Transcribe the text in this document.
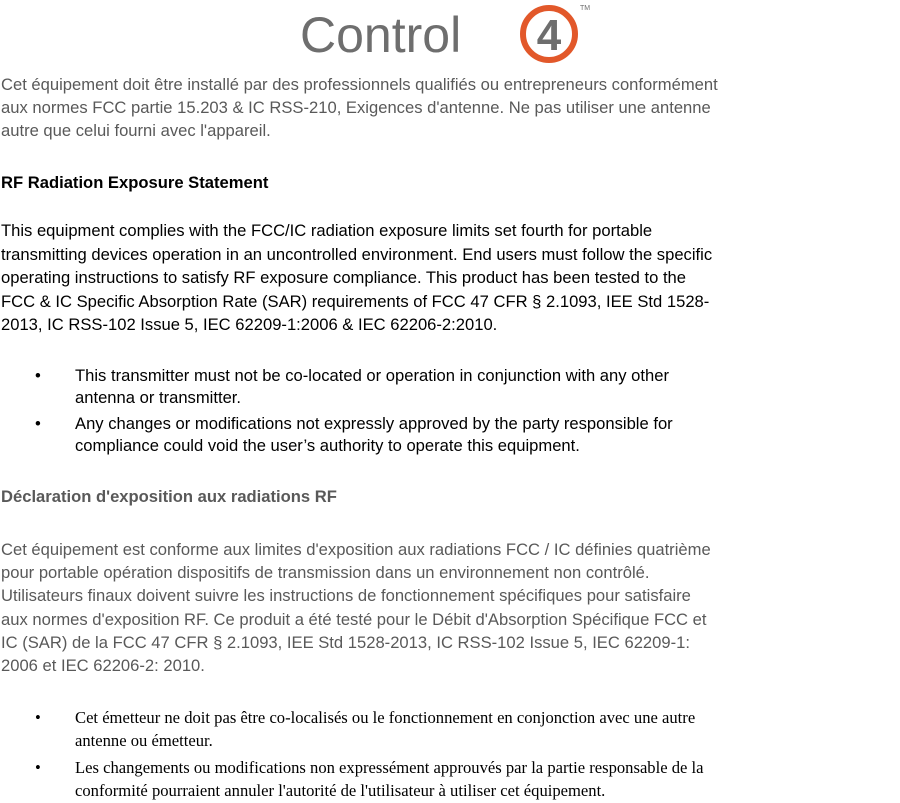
Control 4
TM
Cet équipement doit être installé par des professionnels qualifiés ou entrepreneurs conformément
aux normes FCC partie 15.203 & IC RSS-210, Exigences d'antenne. Ne pas utiliser une antenne
autre que celui fourni avec l'appareil.
RF Radiation Exposure Statement
This equipment complies with the FCC/IC radiation exposure limits set fourth for portable
transmitting devices operation in an uncontrolled environment. End users must follow the specific
operating instructions to satisfy RF exposure compliance. This product has been tested to the
FCC & IC Specific Absorption Rate (SAR) requirements of FCC 47 CFR § 2.1093, IEE Std 1528-
2013, IC RSS-102 Issue 5, IEC 62209-1:2006 & IEC 62206-2:2010.
• This transmitter must not be co-located or operation in conjunction with any other
antenna or transmitter.
• Any changes or modifications not expressly approved by the party responsible for
compliance could void the user’s authority to operate this equipment.
Déclaration d'exposition aux radiations RF
Cet équipement est conforme aux limites d'exposition aux radiations FCC / IC définies quatrième
pour portable opération dispositifs de transmission dans un environnement non contrôlé.
Utilisateurs finaux doivent suivre les instructions de fonctionnement spécifiques pour satisfaire
aux normes d'exposition RF. Ce produit a été testé pour le Débit d'Absorption Spécifique FCC et
IC (SAR) de la FCC 47 CFR § 2.1093, IEE Std 1528-2013, IC RSS-102 Issue 5, IEC 62209-1:
2006 et IEC 62206-2: 2010.
• Cet émetteur ne doit pas être co-localisés ou le fonctionnement en conjonction avec une autre
antenne ou émetteur.
• Les changements ou modifications non expressément approuvés par la partie responsable de la
conformité pourraient annuler l'autorité de l'utilisateur à utiliser cet équipement.
